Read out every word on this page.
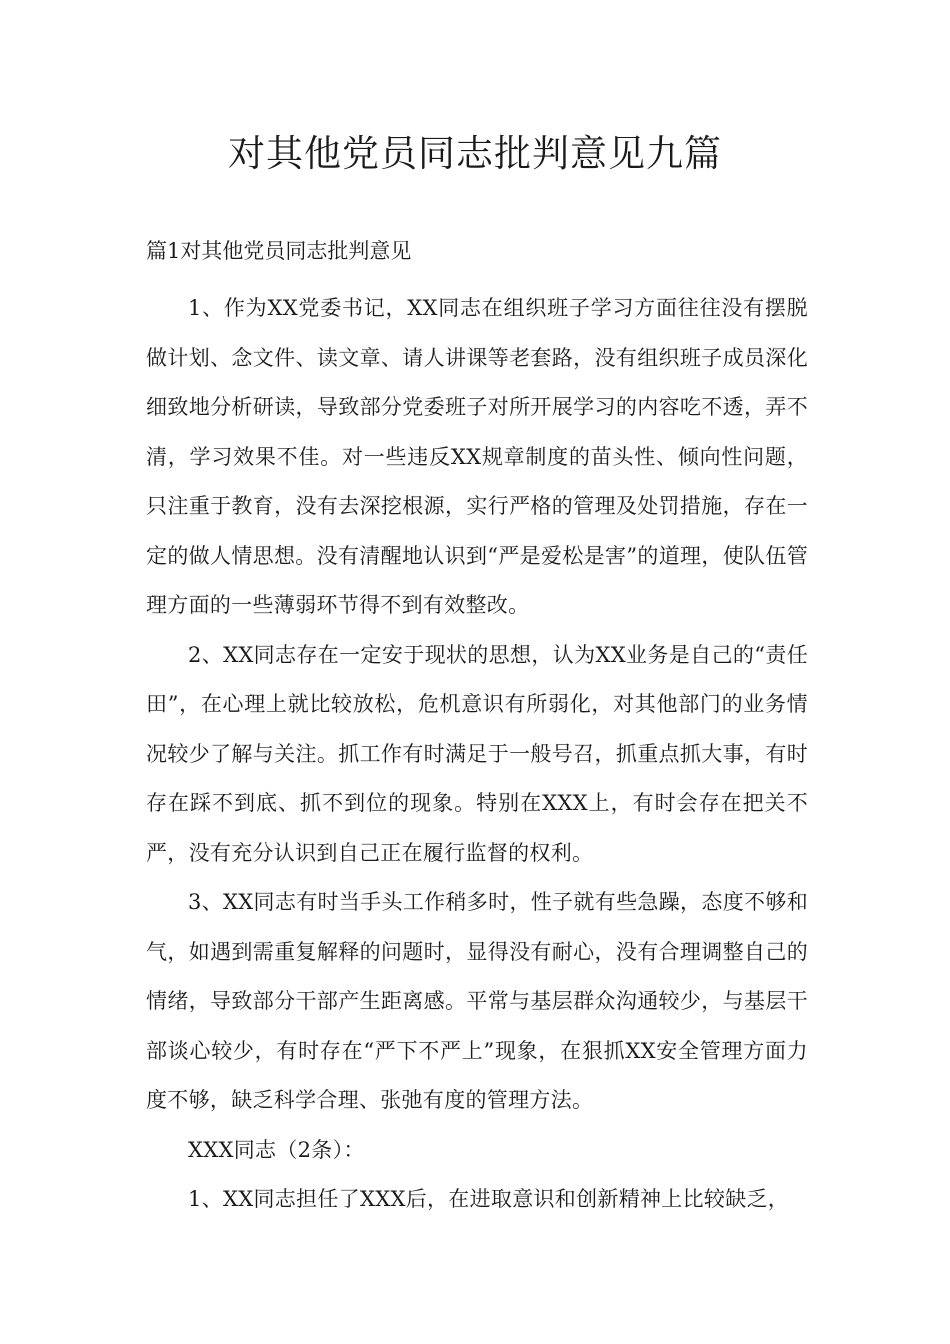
对其他党员同志批判意见九篇
篇1对其他党员同志批判意见

1、作为XX党委书记，XX同志在组织班子学习方面往往没有摆脱做计划、念文件、读文章、请人讲课等老套路，没有组织班子成员深化细致地分析研读，导致部分党委班子对所开展学习的内容吃不透，弄不清，学习效果不佳。对一些违反XX规章制度的苗头性、倾向性问题，只注重于教育，没有去深挖根源，实行严格的管理及处罚措施，存在一定的做人情思想。没有清醒地认识到“严是爱松是害”的道理，使队伍管理方面的一些薄弱环节得不到有效整改。

2、XX同志存在一定安于现状的思想，认为XX业务是自己的“责任田”，在心理上就比较放松，危机意识有所弱化，对其他部门的业务情况较少了解与关注。抓工作有时满足于一般号召，抓重点抓大事，有时存在踩不到底、抓不到位的现象。特别在XXX上，有时会存在把关不严，没有充分认识到自己正在履行监督的权利。

3、XX同志有时当手头工作稍多时，性子就有些急躁，态度不够和气，如遇到需重复解释的问题时，显得没有耐心，没有合理调整自己的情绪，导致部分干部产生距离感。平常与基层群众沟通较少，与基层干部谈心较少，有时存在“严下不严上”现象，在狠抓XX安全管理方面力度不够，缺乏科学合理、张弛有度的管理方法。

XXX同志（2条）：

1、XX同志担任了XXX后，在进取意识和创新精神上比较缺乏，
